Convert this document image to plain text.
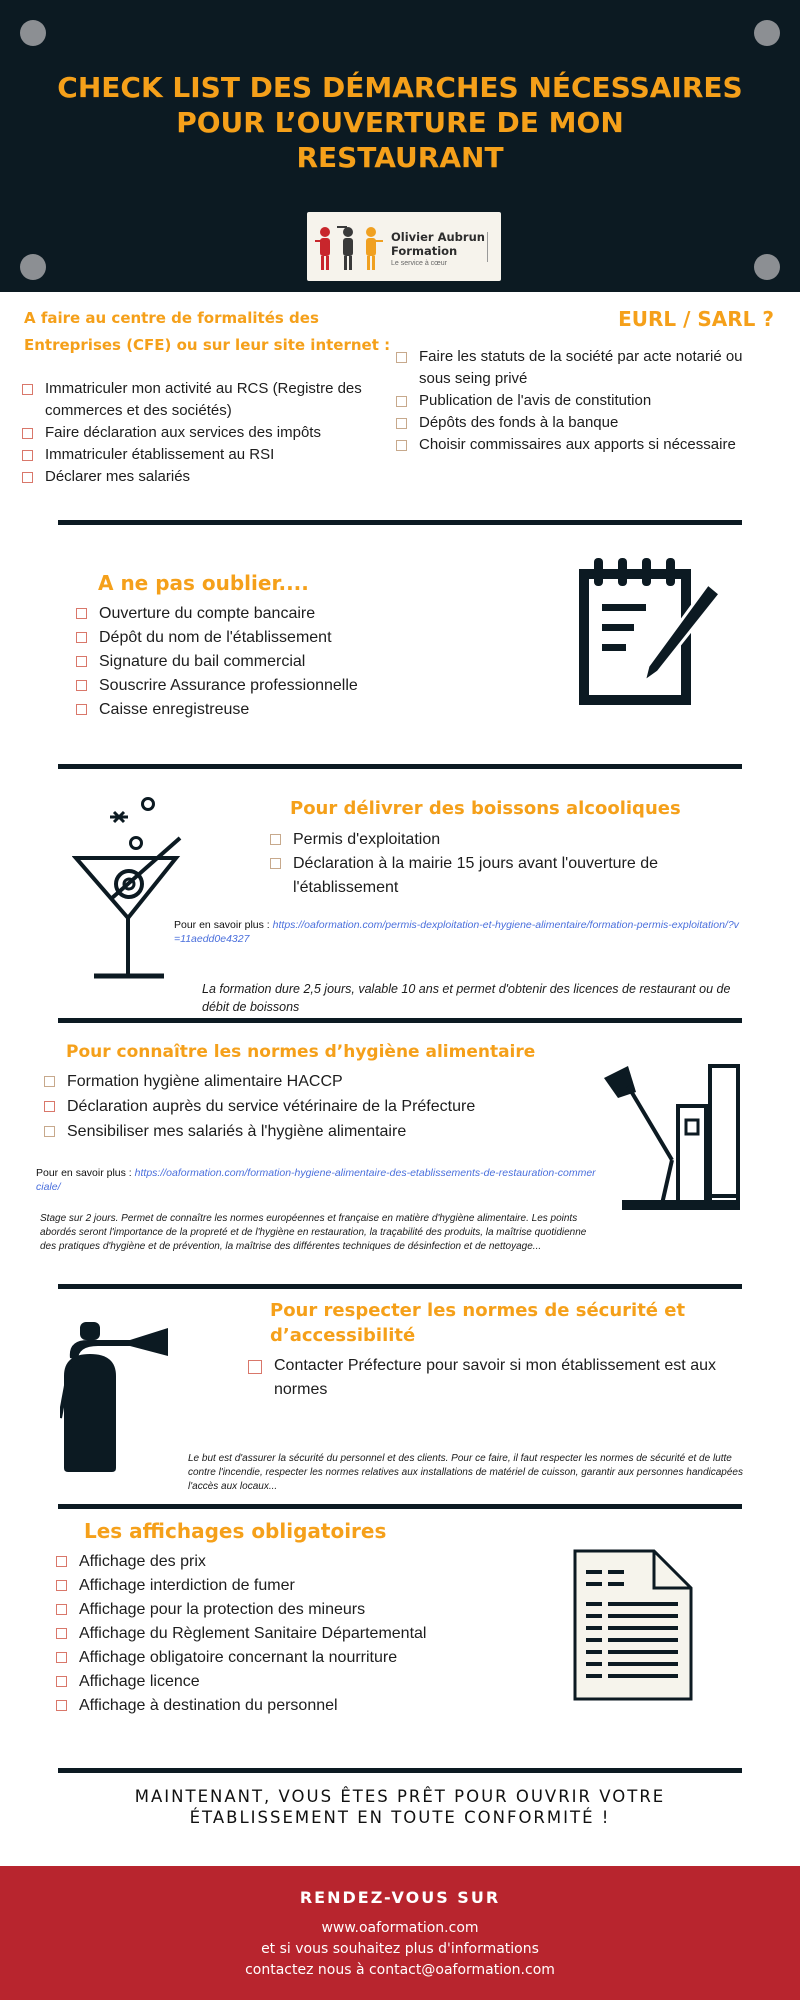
CHECK LIST DES DÉMARCHES NÉCESSAIRES
POUR L’OUVERTURE DE MON
RESTAURANT
Olivier Aubrun
Formation
Le service à cœur
A faire au centre de formalités des
Entreprises (CFE) ou sur leur site internet :
Immatriculer mon activité au RCS (Registre des commerces et des sociétés)
Faire déclaration aux services des impôts
Immatriculer établissement au RSI
Déclarer mes salariés
EURL / SARL ?
Faire les statuts de la société par acte notarié ou sous seing privé
Publication de l'avis de constitution
Dépôts des fonds à la banque
Choisir commissaires aux apports si nécessaire
A ne pas oublier....
Ouverture du compte bancaire
Dépôt du nom de l'établissement
Signature du bail commercial
Souscrire Assurance professionnelle
Caisse enregistreuse
Pour délivrer des boissons alcooliques
Permis d'exploitation
Déclaration à la mairie 15 jours avant l'ouverture de l'établissement
Pour en savoir plus : https://oaformation.com/permis-dexploitation-et-hygiene-alimentaire/formation-permis-exploitation/?v=11aedd0e4327
La formation dure 2,5 jours, valable 10 ans et permet d'obtenir des licences de restaurant ou de débit de boissons
Pour connaître les normes d’hygiène alimentaire
Formation hygiène alimentaire HACCP
Déclaration auprès du service vétérinaire de la Préfecture
Sensibiliser mes salariés à l'hygiène alimentaire
Pour en savoir plus : https://oaformation.com/formation-hygiene-alimentaire-des-etablissements-de-restauration-commerciale/
Stage sur 2 jours. Permet de connaître les normes européennes et française en matière d'hygiène alimentaire. Les points abordés seront l'importance de la propreté et de l'hygiène en restauration, la traçabilité des produits, la maîtrise quotidienne des pratiques d'hygiène et de prévention, la maîtrise des différentes techniques de désinfection et de nettoyage...
Pour respecter les normes de sécurité et
d’accessibilité
Contacter Préfecture pour savoir si mon établissement est aux normes
Le but est d'assurer la sécurité du personnel et des clients. Pour ce faire, il faut respecter les normes de sécurité et de lutte contre l'incendie, respecter les normes relatives aux installations de matériel de cuisson, garantir aux personnes handicapées l'accès aux locaux...
Les affichages obligatoires
Affichage des prix
Affichage interdiction de fumer
Affichage pour la protection des mineurs
Affichage du Règlement Sanitaire Départemental
Affichage obligatoire concernant la nourriture
Affichage licence
Affichage à destination du personnel
MAINTENANT, VOUS ÊTES PRÊT POUR OUVRIR VOTRE
ÉTABLISSEMENT EN TOUTE CONFORMITÉ !
RENDEZ-VOUS SUR
www.oaformation.com
et si vous souhaitez plus d'informations
contactez nous à contact@oaformation.com
